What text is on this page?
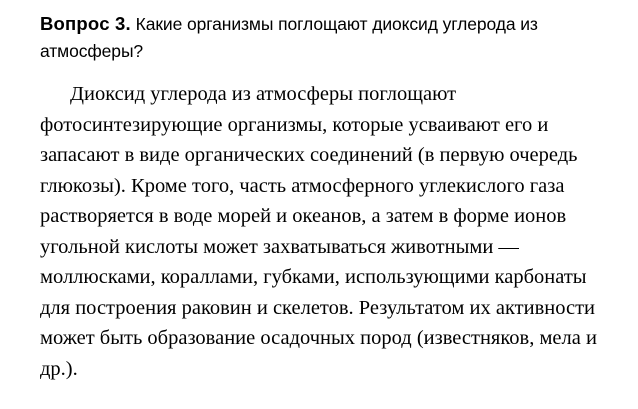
Вопрос 3. Какие организмы поглощают диоксид углерода из атмосферы?

Диоксид углерода из атмосферы поглощают фотосинтезирующие организмы, которые усваивают его и запасают в виде органических соединений (в первую очередь глюкозы). Кроме того, часть атмосферного углекислого газа растворяется в воде морей и океанов, а затем в форме ионов угольной кислоты может захватываться животными — моллюсками, кораллами, губками, использующими карбонаты для построения раковин и скелетов. Результатом их активности может быть образование осадочных пород (известняков, мела и др.).
